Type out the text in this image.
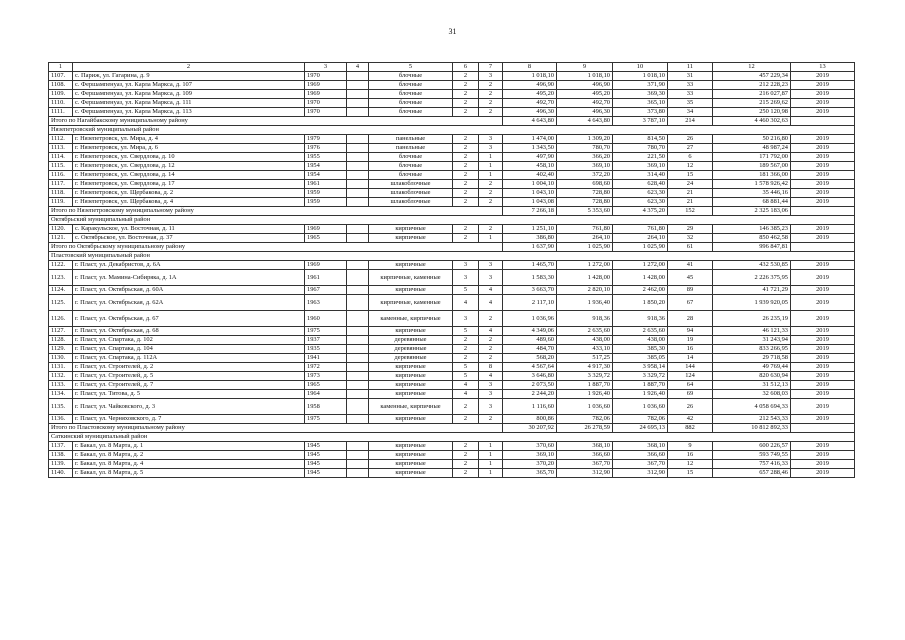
31
1	2	3	4	5	6	7	8	9	10	11	12	13
1107.	с. Париж, ул. Гагарина, д. 9	1970		блочные	2	3	1 018,10	1 018,10	1 018,10	31	457 229,34	2019
1108.	с. Фершампенуаз, ул. Карла Маркса, д. 107	1969		блочные	2	2	496,90	496,90	371,90	33	212 228,23	2019
1109.	с. Фершампенуаз, ул. Карла Маркса, д. 109	1969		блочные	2	2	495,20	495,20	369,30	33	216 027,87	2019
1110.	с. Фершампенуаз, ул. Карла Маркса, д. 111	1970		блочные	2	2	492,70	492,70	365,10	35	215 269,62	2019
1111.	с. Фершампенуаз, ул. Карла Маркса, д. 113	1970		блочные	2	2	496,30	496,30	373,80	34	250 120,98	2019
Итого по Нагайбакскому муниципальному району							4 643,80	4 643,80	3 787,10	214	4 460 302,63	
Нязепетровский муниципальный район												
1112.	г. Нязепетровск, ул. Мира, д. 4	1979		панельные	2	3	1 474,00	1 309,20	814,50	26	50 216,80	2019
1113.	г. Нязепетровск, ул. Мира, д. 6	1976		панельные	2	3	1 343,50	780,70	780,70	27	48 987,24	2019
1114.	г. Нязепетровск, ул. Свердлова, д. 10	1955		блочные	2	1	497,90	366,20	221,50	6	171 792,00	2019
1115.	г. Нязепетровск, ул. Свердлова, д. 12	1954		блочные	2	1	458,10	369,10	369,10	12	189 567,00	2019
1116.	г. Нязепетровск, ул. Свердлова, д. 14	1954		блочные	2	1	402,40	372,20	314,40	15	181 366,00	2019
1117.	г. Нязепетровск, ул. Свердлова, д. 17	1961		шлакоблочные	2	2	1 004,10	698,60	628,40	24	1 578 926,42	2019
1118.	г. Нязепетровск, ул. Щербакова, д. 2	1959		шлакоблочные	2	2	1 043,10	728,80	623,30	21	35 446,16	2019
1119.	г. Нязепетровск, ул. Щербакова, д. 4	1959		шлакоблочные	2	2	1 043,08	728,80	623,30	21	68 881,44	2019
Итого по Нязепетровскому муниципальному району							7 266,18	5 353,60	4 375,20	152	2 325 183,06	
Октябрьский муниципальный район												
1120.	с. Каракульское, ул. Восточная, д. 11	1969		кирпичные	2	2	1 251,10	761,80	761,80	29	146 385,23	2019
1121.	с. Октябрьское, ул. Восточная, д. 37	1965		кирпичные	2	1	386,80	264,10	264,10	32	850 462,58	2019
Итого по Октябрьскому муниципальному району							1 637,90	1 025,90	1 025,90	61	996 847,81	
Пластовский муниципальный район												
1122.	г. Пласт, ул. Декабристов, д. 6А	1969		кирпичные	3	3	1 465,70	1 272,00	1 272,00	41	432 530,85	2019
1123.	г. Пласт, ул. Мамина-Сибиряка, д. 1А	1961		кирпичные, каменные	3	3	1 583,30	1 428,00	1 428,00	45	2 226 375,95	2019
1124.	г. Пласт, ул. Октябрьская, д. 60А	1967		кирпичные	5	4	3 663,70	2 820,10	2 462,00	89	41 721,29	2019
1125.	г. Пласт, ул. Октябрьская, д. 62А	1963		кирпичные, каменные	4	4	2 117,10	1 936,40	1 850,20	67	1 939 920,05	2019
1126.	г. Пласт, ул. Октябрьская, д. 67	1960		каменные, кирпичные	3	2	1 036,96	918,36	918,36	28	26 235,19	2019
1127.	г. Пласт, ул. Октябрьская, д. 68	1975		кирпичные	5	4	4 349,06	2 635,60	2 635,60	94	46 121,33	2019
1128.	г. Пласт, ул. Спартака, д. 102	1937		деревянные	2	2	489,60	438,00	438,00	19	31 243,94	2019
1129.	г. Пласт, ул. Спартака, д. 104	1935		деревянные	2	2	484,70	433,10	385,30	16	833 266,95	2019
1130.	г. Пласт, ул. Спартака, д. 112А	1941		деревянные	2	2	568,20	517,25	385,05	14	29 718,58	2019
1131.	г. Пласт, ул. Строителей, д. 2	1972		кирпичные	5	8	4 567,64	4 917,30	3 958,14	144	49 769,44	2019
1132.	г. Пласт, ул. Строителей, д. 5	1973		кирпичные	5	4	3 646,80	3 329,72	3 329,72	124	820 630,94	2019
1133.	г. Пласт, ул. Строителей, д. 7	1965		кирпичные	4	3	2 073,50	1 887,70	1 887,70	64	31 512,13	2019
1134.	г. Пласт, ул. Титова, д. 5	1964		кирпичные	4	3	2 244,20	1 926,40	1 926,40	69	32 608,03	2019
1135.	г. Пласт, ул. Чайковского, д. 3	1958		каменные, кирпичные	2	3	1 116,60	1 036,60	1 036,60	26	4 058 694,33	2019
1136.	г. Пласт, ул. Черняховского, д. 7	1975		кирпичные	2	2	800,86	782,06	782,06	42	212 543,33	2019
Итого по Пластовскому муниципальному району							30 207,92	26 278,59	24 695,13	882	10 812 892,33	
Саткинский муниципальный район												
1137.	г. Бакал, ул. 8 Марта, д. 1	1945		кирпичные	2	1	370,60	368,10	368,10	9	600 226,57	2019
1138.	г. Бакал, ул. 8 Марта, д. 2	1945		кирпичные	2	1	369,10	366,60	366,60	16	593 749,55	2019
1139.	г. Бакал, ул. 8 Марта, д. 4	1945		кирпичные	2	1	370,20	367,70	367,70	12	757 416,33	2019
1140.	г. Бакал, ул. 8 Марта, д. 5	1945		кирпичные	2	1	365,70	312,90	312,90	15	657 288,46	2019
